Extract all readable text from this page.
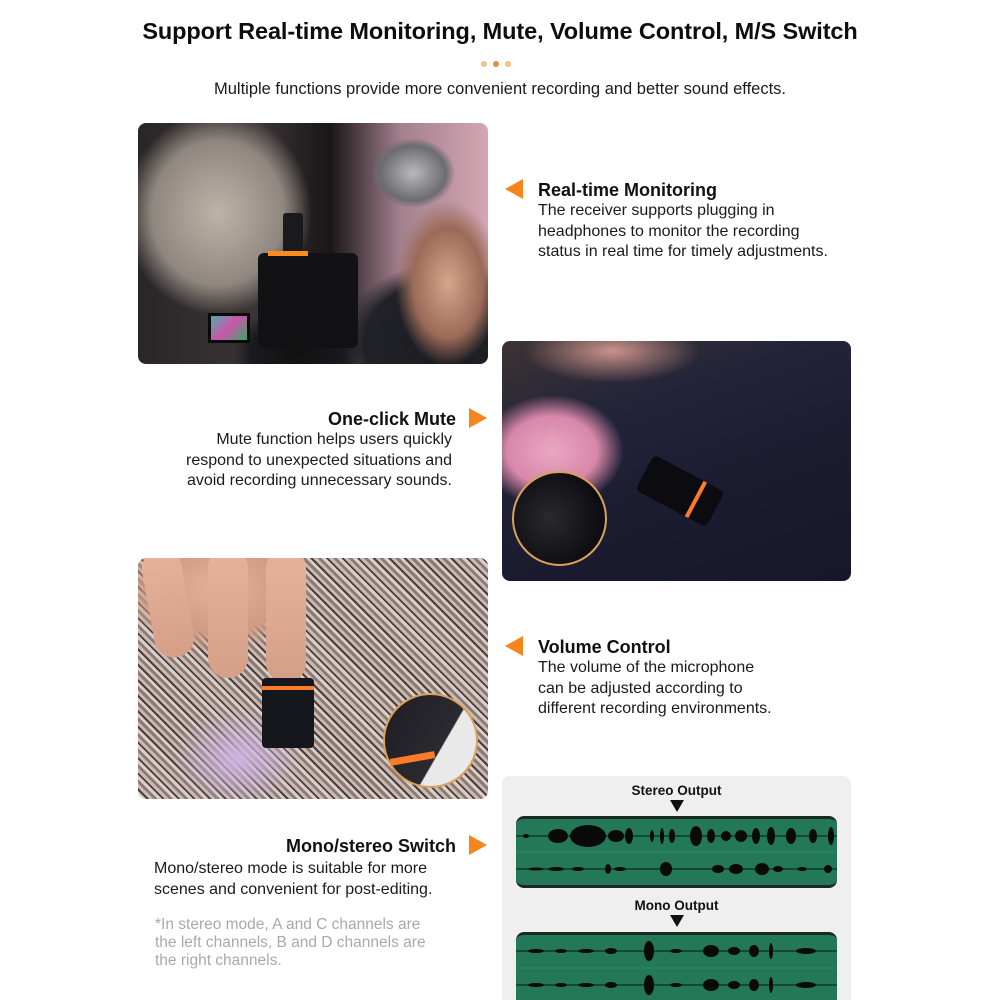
Support Real-time Monitoring, Mute, Volume Control, M/S Switch
Multiple functions provide more convenient recording and better sound effects.
Real-time Monitoring
The receiver supports plugging in
headphones to monitor the recording
status in real time for timely adjustments.
One-click Mute
Mute function helps users quickly
respond to unexpected situations and
avoid recording unnecessary sounds.
Volume Control
The volume of the microphone
can be adjusted according to
different recording environments.
Mono/stereo Switch
Mono/stereo mode is suitable for more
scenes and convenient for post-editing.
*In stereo mode, A and C channels are
the left channels, B and D channels are
the right channels.
Stereo Output
Mono Output
